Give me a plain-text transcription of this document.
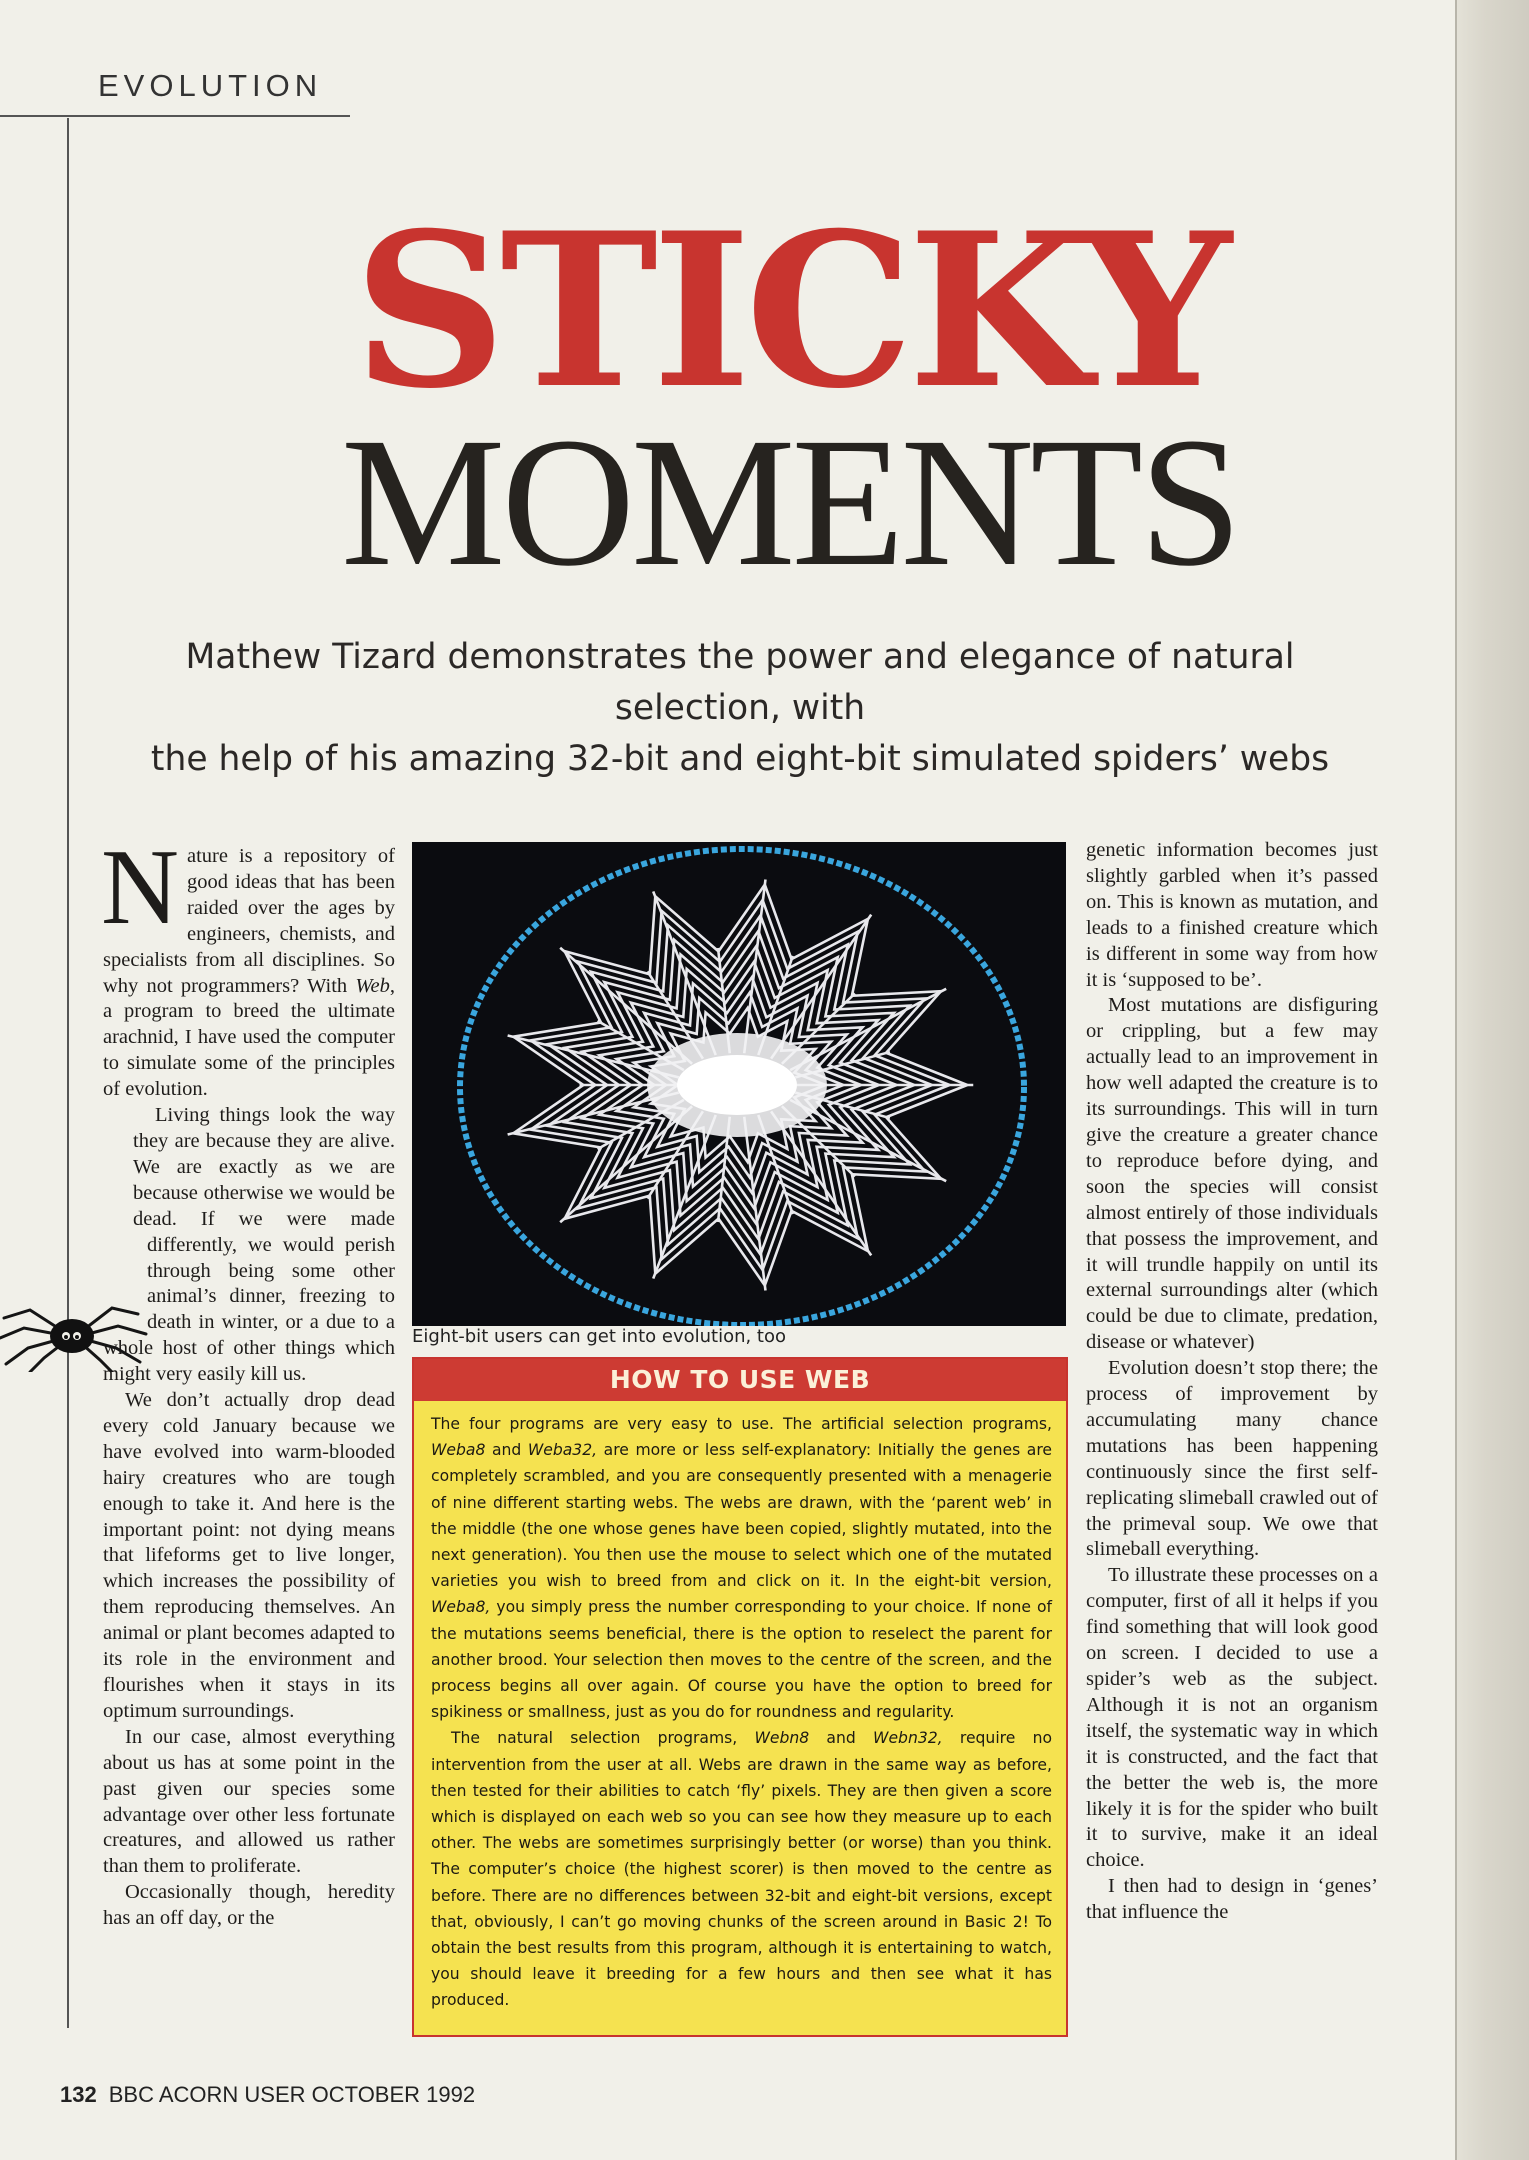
EVOLUTION
STICKY
MOMENTS

Mathew Tizard demonstrates the power and elegance of natural selection, with
the help of his amazing 32-bit and eight-bit simulated spiders’ webs

Nature is a repository of good ideas that has been raided over the ages by engineers, chemists, and specialists from all disciplines. So why not programmers? With Web, a program to breed the ultimate arachnid, I have used the computer to simulate some of the principles of evolution.

Living things look the way they are because they are alive. We are exactly as we are because otherwise we would be dead. If we were made differently, we would perish through being some other animal’s dinner, freezing to death in winter, or a due to a whole host of other things which might very easily kill us.

We don’t actually drop dead every cold January because we have evolved into warm-blooded hairy creatures who are tough enough to take it. And here is the important point: not dying means that lifeforms get to live longer, which increases the possibility of them reproducing themselves. An animal or plant becomes adapted to its role in the environment and flourishes when it stays in its optimum surroundings.

In our case, almost everything about us has at some point in the past given our species some advantage over other less fortunate creatures, and allowed us rather than them to proliferate.

Occasionally though, heredity has an off day, or the

Eight-bit users can get into evolution, too
HOW TO USE WEB

The four programs are very easy to use. The artificial selection programs, Weba8 and Weba32, are more or less self-explanatory: Initially the genes are completely scrambled, and you are consequently presented with a menagerie of nine different starting webs. The webs are drawn, with the ‘parent web’ in the middle (the one whose genes have been copied, slightly mutated, into the next generation). You then use the mouse to select which one of the mutated varieties you wish to breed from and click on it. In the eight-bit version, Weba8, you simply press the number corresponding to your choice. If none of the mutations seems beneficial, there is the option to reselect the parent for another brood. Your selection then moves to the centre of the screen, and the process begins all over again. Of course you have the option to breed for spikiness or smallness, just as you do for roundness and regularity.

The natural selection programs, Webn8 and Webn32, require no intervention from the user at all. Webs are drawn in the same way as before, then tested for their abilities to catch ‘fly’ pixels. They are then given a score which is displayed on each web so you can see how they measure up to each other. The webs are sometimes surprisingly better (or worse) than you think. The computer’s choice (the highest scorer) is then moved to the centre as before. There are no differences between 32-bit and eight-bit versions, except that, obviously, I can’t go moving chunks of the screen around in Basic 2! To obtain the best results from this program, although it is entertaining to watch, you should leave it breeding for a few hours and then see what it has produced.

genetic information becomes just slightly garbled when it’s passed on. This is known as mutation, and leads to a finished creature which is different in some way from how it is ‘supposed to be’.

Most mutations are disfiguring or crippling, but a few may actually lead to an improvement in how well adapted the creature is to its surroundings. This will in turn give the creature a greater chance to reproduce before dying, and soon the species will consist almost entirely of those individuals that possess the improvement, and it will trundle happily on until its external surroundings alter (which could be due to climate, predation, disease or whatever)

Evolution doesn’t stop there; the process of improvement by accumulating many chance mutations has been happening continuously since the first self-replicating slimeball crawled out of the primeval soup. We owe that slimeball everything.

To illustrate these processes on a computer, first of all it helps if you find something that will look good on screen. I decided to use a spider’s web as the subject. Although it is not an organism itself, the systematic way in which it is constructed, and the fact that the better the web is, the more likely it is for the spider who built it to survive, make it an ideal choice.

I then had to design in ‘genes’ that influence the

132 BBC ACORN USER OCTOBER 1992
